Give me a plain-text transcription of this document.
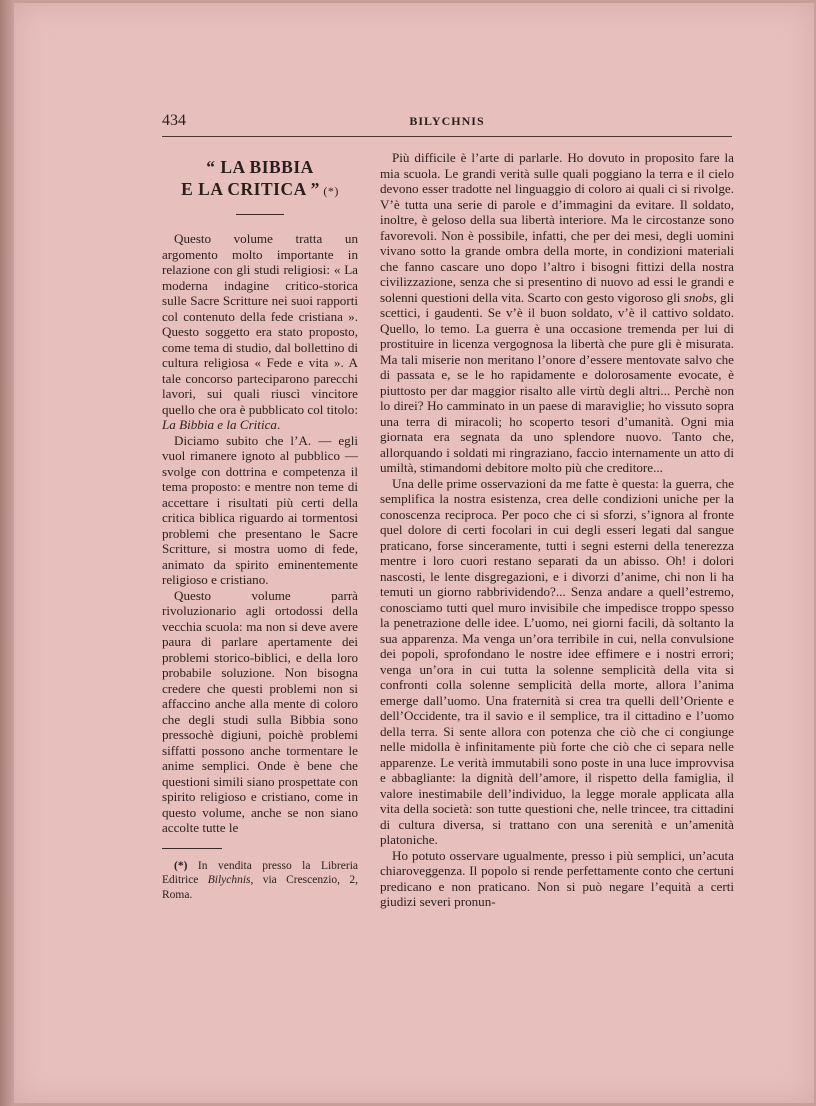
434	BILYCHNIS
“ LA BIBBIA
E LA CRITICA ” (*)

Questo volume tratta un argomento molto importante in relazione con gli studi religiosi: « La moderna indagine critico-storica sulle Sacre Scritture nei suoi rapporti col contenuto della fede cristiana ». Questo soggetto era stato proposto, come tema di studio, dal bollettino di cultura religiosa « Fede e vita ». A tale concorso parteciparono parecchi lavori, sui quali riuscì vincitore quello che ora è pubblicato col titolo: La Bibbia e la Critica.

Diciamo subito che l’A. — egli vuol rimanere ignoto al pubblico — svolge con dottrina e competenza il tema proposto: e mentre non teme di accettare i risultati più certi della critica biblica riguardo ai tormentosi problemi che presentano le Sacre Scritture, si mostra uomo di fede, animato da spirito eminentemente religioso e cristiano.

Questo volume parrà rivoluzionario agli ortodossi della vecchia scuola: ma non si deve avere paura di parlare apertamente dei problemi storico-biblici, e della loro probabile soluzione. Non bisogna credere che questi problemi non si affaccino anche alla mente di coloro che degli studi sulla Bibbia sono pressochè digiuni, poichè problemi siffatti possono anche tormentare le anime semplici. Onde è bene che questioni simili siano prospettate con spirito religioso e cristiano, come in questo volume, anche se non siano accolte tutte le

(*) In vendita presso la Libreria Editrice Bilychnis, via Crescenzio, 2, Roma.

Più difficile è l’arte di parlarle. Ho dovuto in proposito fare la mia scuola. Le grandi verità sulle quali poggiano la terra e il cielo devono esser tradotte nel linguaggio di coloro ai quali ci si rivolge. V’è tutta una serie di parole e d’immagini da evitare. Il soldato, inoltre, è geloso della sua libertà interiore. Ma le circostanze sono favorevoli. Non è possibile, infatti, che per dei mesi, degli uomini vivano sotto la grande ombra della morte, in condizioni materiali che fanno cascare uno dopo l’altro i bisogni fittizi della nostra civilizzazione, senza che si presentino di nuovo ad essi le grandi e solenni questioni della vita. Scarto con gesto vigoroso gli snobs, gli scettici, i gaudenti. Se v’è il buon soldato, v’è il cattivo soldato. Quello, lo temo. La guerra è una occasione tremenda per lui di prostituire in licenza vergognosa la libertà che pure gli è misurata. Ma tali miserie non meritano l’onore d’essere mentovate salvo che di passata e, se le ho rapidamente e dolorosamente evocate, è piuttosto per dar maggior risalto alle virtù degli altri... Perchè non lo direi? Ho camminato in un paese di maraviglie; ho vissuto sopra una terra di miracoli; ho scoperto tesori d’umanità. Ogni mia giornata era segnata da uno splendore nuovo. Tanto che, allorquando i soldati mi ringraziano, faccio internamente un atto di umiltà, stimandomi debitore molto più che creditore...

Una delle prime osservazioni da me fatte è questa: la guerra, che semplifica la nostra esistenza, crea delle condizioni uniche per la conoscenza reciproca. Per poco che ci si sforzi, s’ignora al fronte quel dolore di certi focolari in cui degli esseri legati dal sangue praticano, forse sinceramente, tutti i segni esterni della tenerezza mentre i loro cuori restano separati da un abisso. Oh! i dolori nascosti, le lente disgregazioni, e i divorzi d’anime, chi non li ha temuti un giorno rabbrividendo?... Senza andare a quell’estremo, conosciamo tutti quel muro invisibile che impedisce troppo spesso la penetrazione delle idee. L’uomo, nei giorni facili, dà soltanto la sua apparenza. Ma venga un’ora terribile in cui, nella convulsione dei popoli, sprofondano le nostre idee effimere e i nostri errori; venga un’ora in cui tutta la solenne semplicità della vita si confronti colla solenne semplicità della morte, allora l’anima emerge dall’uomo. Una fraternità si crea tra quelli dell’Oriente e dell’Occidente, tra il savio e il semplice, tra il cittadino e l’uomo della terra. Si sente allora con potenza che ciò che ci congiunge nelle midolla è infinitamente più forte che ciò che ci separa nelle apparenze. Le verità immutabili sono poste in una luce improvvisa e abbagliante: la dignità dell’amore, il rispetto della famiglia, il valore inestimabile dell’individuo, la legge morale applicata alla vita della società: son tutte questioni che, nelle trincee, tra cittadini di cultura diversa, si trattano con una serenità e un’amenità platoniche.

Ho potuto osservare ugualmente, presso i più semplici, un’acuta chiaroveggenza. Il popolo si rende perfettamente conto che certuni predicano e non praticano. Non si può negare l’equità a certi giudizi severi pronun-
